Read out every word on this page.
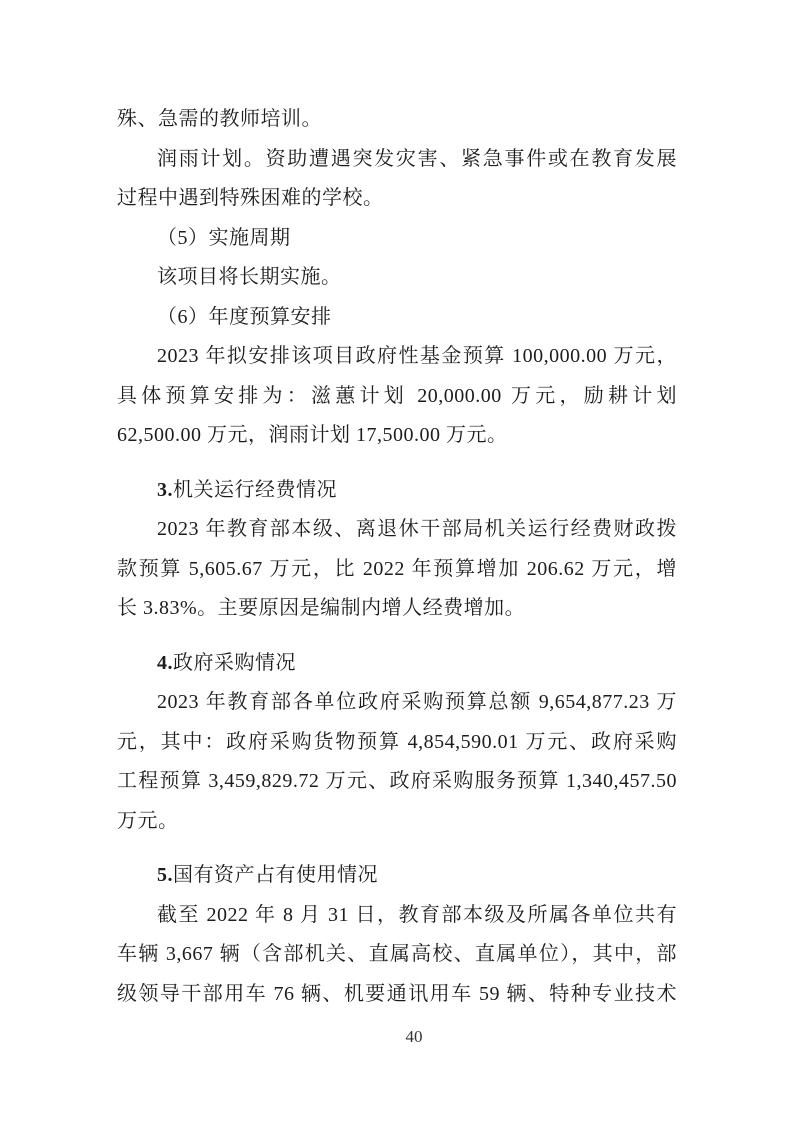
殊、急需的教师培训。
润雨计划。资助遭遇突发灾害、紧急事件或在教育发展
过程中遇到特殊困难的学校。
（5）实施周期
该项目将长期实施。
（6）年度预算安排
2023 年拟安排该项目政府性基金预算 100,000.00 万元，
具体预算安排为：滋蕙计划 20,000.00 万元，励耕计划
62,500.00 万元，润雨计划 17,500.00 万元。
3.机关运行经费情况
2023 年教育部本级、离退休干部局机关运行经费财政拨
款预算 5,605.67 万元，比 2022 年预算增加 206.62 万元，增
长 3.83%。主要原因是编制内增人经费增加。
4.政府采购情况
2023 年教育部各单位政府采购预算总额 9,654,877.23 万
元，其中：政府采购货物预算 4,854,590.01 万元、政府采购
工程预算 3,459,829.72 万元、政府采购服务预算 1,340,457.50
万元。
5.国有资产占有使用情况
截至 2022 年 8 月 31 日，教育部本级及所属各单位共有
车辆 3,667 辆（含部机关、直属高校、直属单位），其中，部
级领导干部用车 76 辆、机要通讯用车 59 辆、特种专业技术
40
